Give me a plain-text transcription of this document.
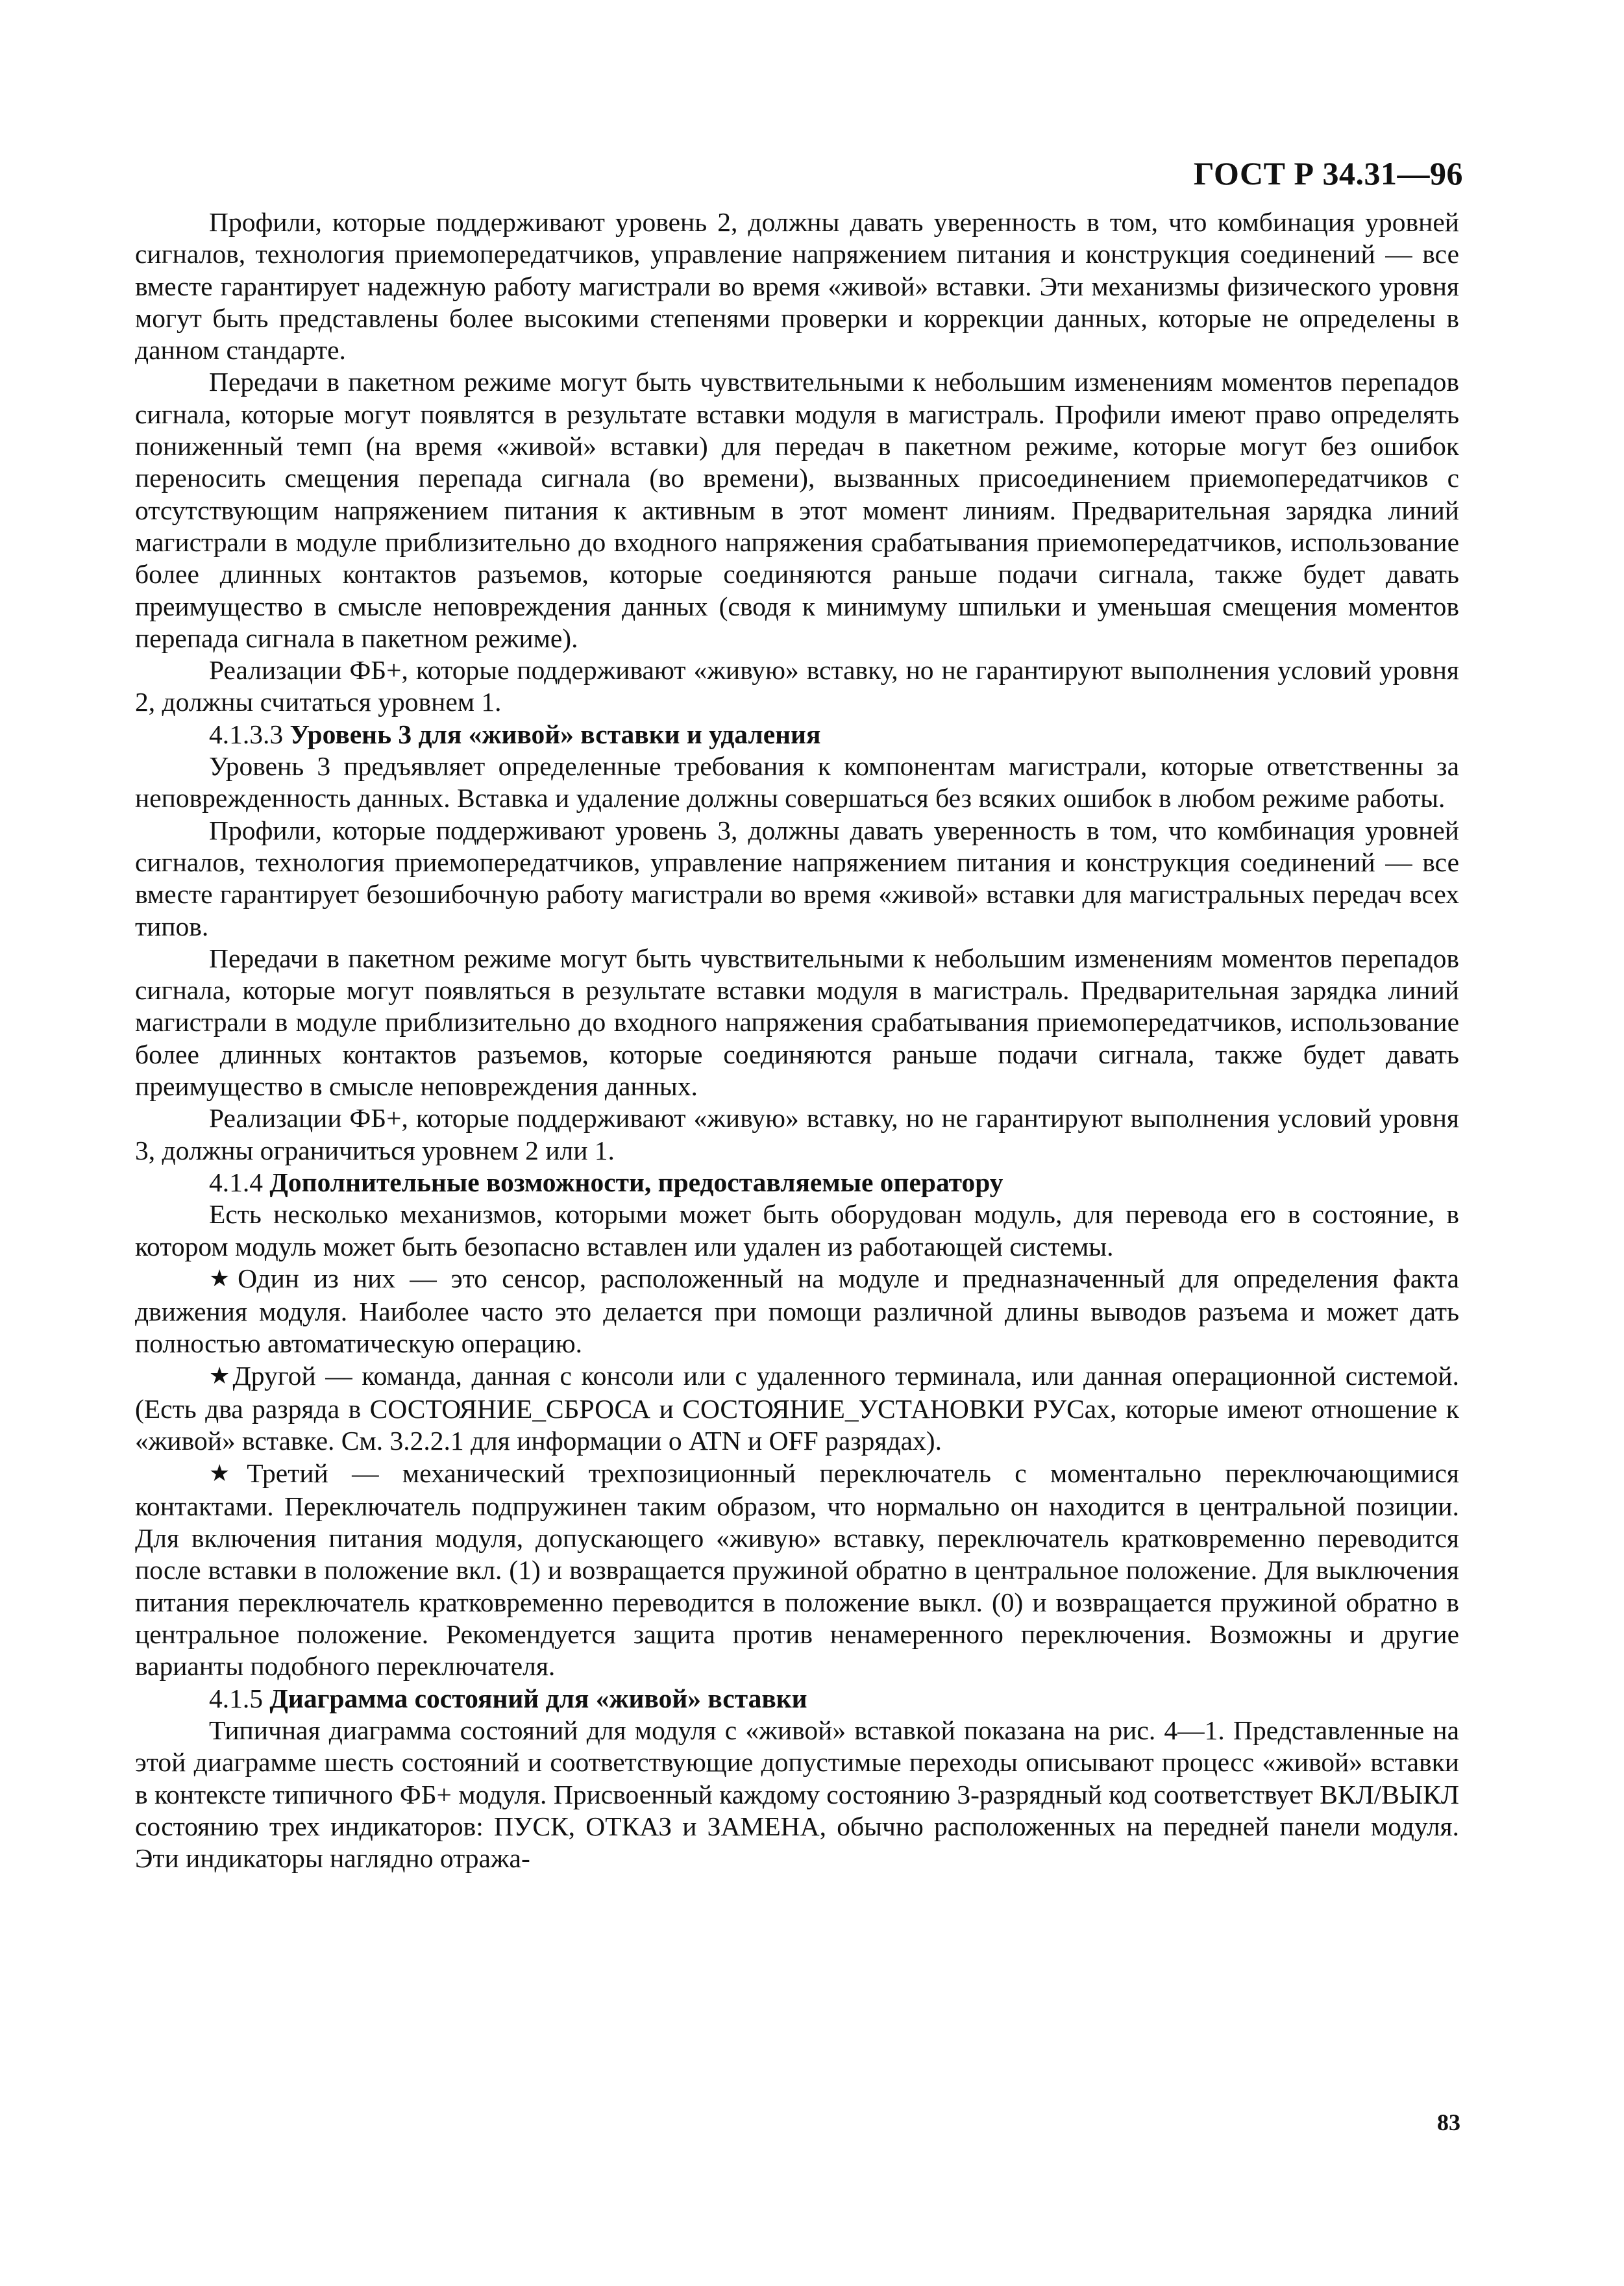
ГОСТ Р 34.31—96

Профили, которые поддерживают уровень 2, должны давать уверенность в том, что комбинация уровней сигналов, технология приемопередатчиков, управление напряжением питания и конструкция соединений — все вместе гарантирует надежную работу магистрали во время «живой» вставки. Эти механизмы физического уровня могут быть представлены более высокими степенями проверки и коррекции данных, которые не определены в данном стандарте.

Передачи в пакетном режиме могут быть чувствительными к небольшим изменениям моментов перепадов сигнала, которые могут появлятся в результате вставки модуля в магистраль. Профили имеют право определять пониженный темп (на время «живой» вставки) для передач в пакетном режиме, которые могут без ошибок переносить смещения перепада сигнала (во времени), вызванных присоединением приемопередатчиков с отсутствующим напряжением питания к активным в этот момент линиям. Предварительная зарядка линий магистрали в модуле приблизительно до входного напряжения срабатывания приемопередатчиков, использование более длинных контактов разъемов, которые соединяются раньше подачи сигнала, также будет давать преимущество в смысле неповреждения данных (сводя к минимуму шпильки и уменьшая смещения моментов перепада сигнала в пакетном режиме).

Реализации ФБ+, которые поддерживают «живую» вставку, но не гарантируют выполнения условий уровня 2, должны считаться уровнем 1.

4.1.3.3 Уровень 3 для «живой» вставки и удаления

Уровень 3 предъявляет определенные требования к компонентам магистрали, которые ответственны за неповрежденность данных. Вставка и удаление должны совершаться без всяких ошибок в любом режиме работы.

Профили, которые поддерживают уровень 3, должны давать уверенность в том, что комбинация уровней сигналов, технология приемопередатчиков, управление напряжением питания и конструкция соединений — все вместе гарантирует безошибочную работу магистрали во время «живой» вставки для магистральных передач всех типов.

Передачи в пакетном режиме могут быть чувствительными к небольшим изменениям моментов перепадов сигнала, которые могут появляться в результате вставки модуля в магистраль. Предварительная зарядка линий магистрали в модуле приблизительно до входного напряжения срабатывания приемопередатчиков, использование более длинных контактов разъемов, которые соединяются раньше подачи сигнала, также будет давать преимущество в смысле неповреждения данных.

Реализации ФБ+, которые поддерживают «живую» вставку, но не гарантируют выполнения условий уровня 3, должны ограничиться уровнем 2 или 1.

4.1.4 Дополнительные возможности, предоставляемые оператору

Есть несколько механизмов, которыми может быть оборудован модуль, для перевода его в состояние, в котором модуль может быть безопасно вставлен или удален из работающей системы.

★Один из них — это сенсор, расположенный на модуле и предназначенный для определения факта движения модуля. Наиболее часто это делается при помощи различной длины выводов разъема и может дать полностью автоматическую операцию.

★Другой — команда, данная с консоли или с удаленного терминала, или данная операционной системой. (Есть два разряда в СОСТОЯНИЕ_СБРОСА и СОСТОЯНИЕ_УСТАНОВКИ РУСах, которые имеют отношение к «живой» вставке. См. 3.2.2.1 для информации о ATN и OFF разрядах).

★Третий — механический трехпозиционный переключатель с моментально переключающимися контактами. Переключатель подпружинен таким образом, что нормально он находится в центральной позиции. Для включения питания модуля, допускающего «живую» вставку, переключатель кратковременно переводится после вставки в положение вкл. (1) и возвращается пружиной обратно в центральное положение. Для выключения питания переключатель кратковременно переводится в положение выкл. (0) и возвращается пружиной обратно в центральное положение. Рекомендуется защита против ненамеренного переключения. Возможны и другие варианты подобного переключателя.

4.1.5 Диаграмма состояний для «живой» вставки

Типичная диаграмма состояний для модуля с «живой» вставкой показана на рис. 4—1. Представленные на этой диаграмме шесть состояний и соответствующие допустимые переходы описывают процесс «живой» вставки в контексте типичного ФБ+ модуля. Присвоенный каждому состоянию 3-разрядный код соответствует ВКЛ/ВЫКЛ состоянию трех индикаторов: ПУСК, ОТКАЗ и ЗАМЕНА, обычно расположенных на передней панели модуля. Эти индикаторы наглядно отража-

83
